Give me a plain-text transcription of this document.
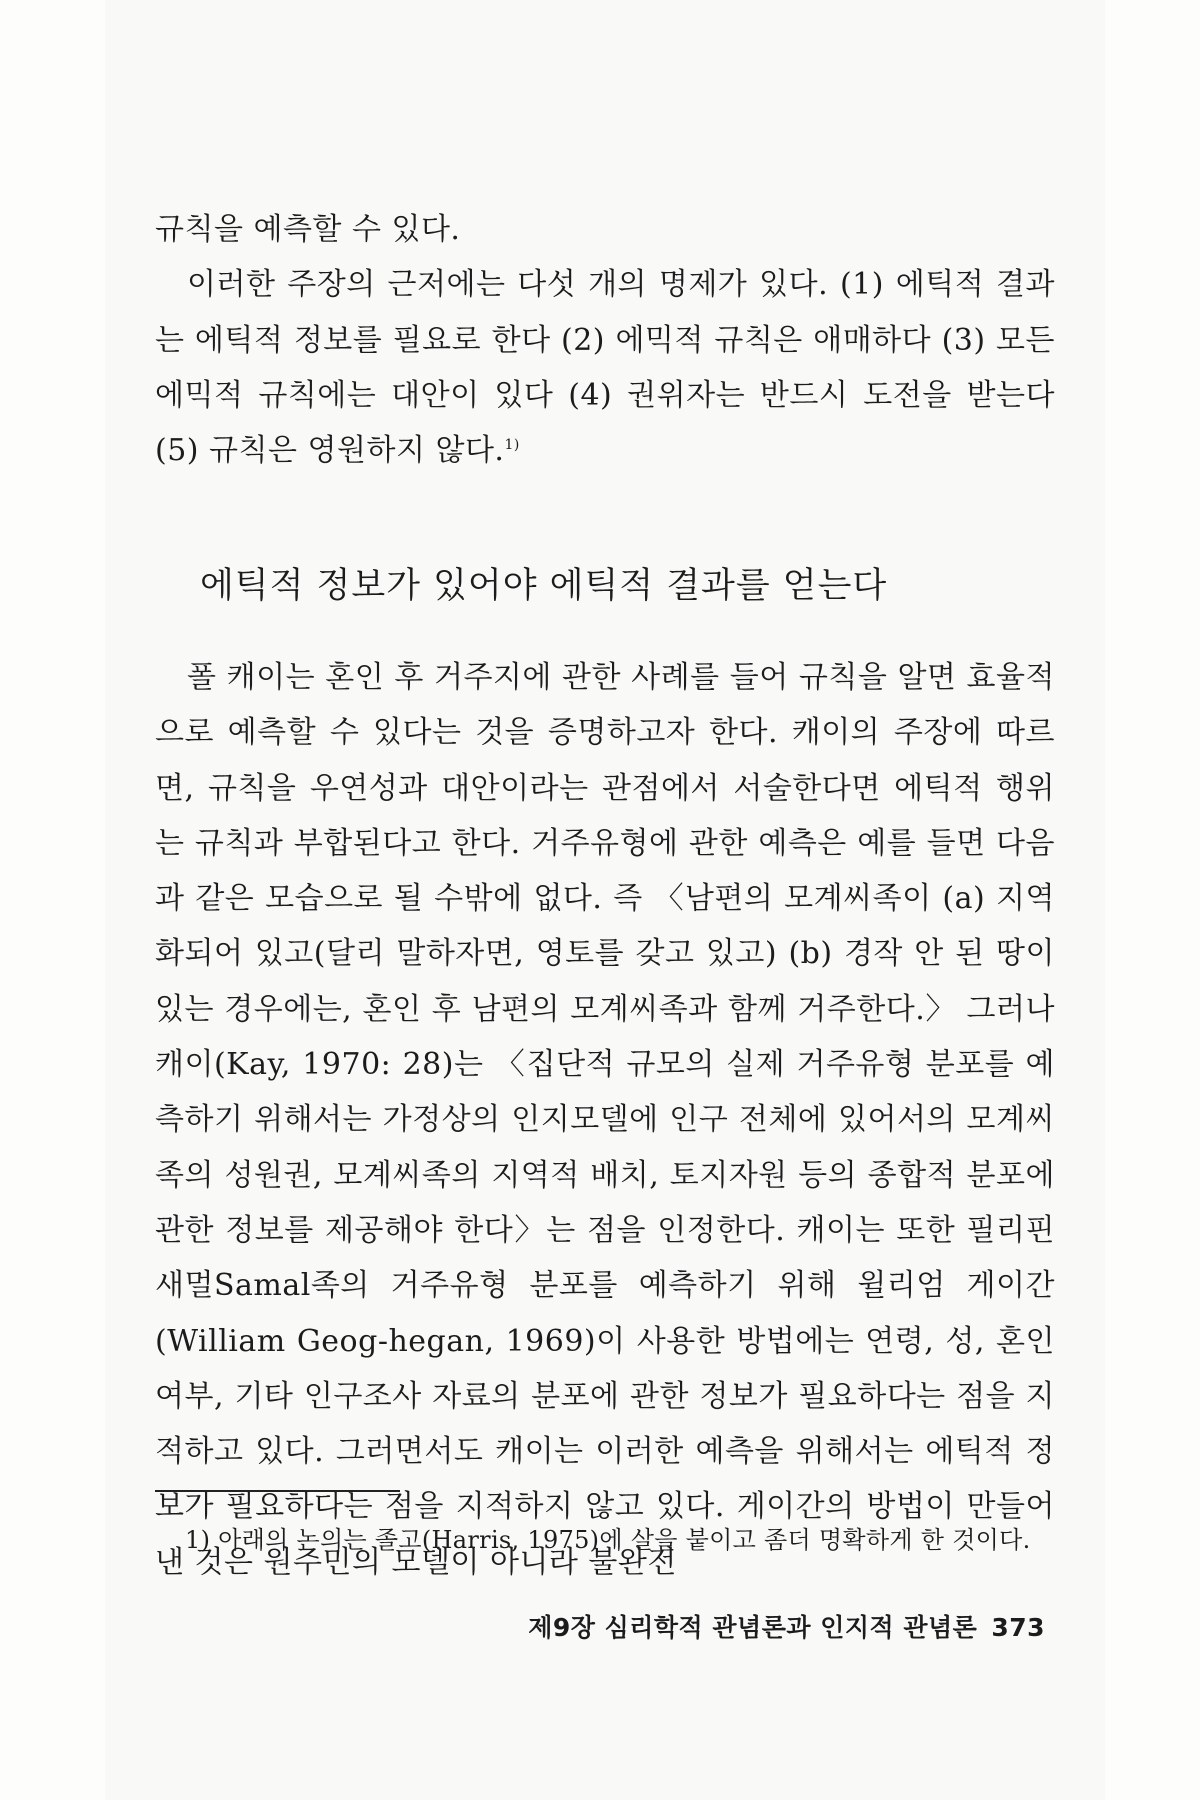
규칙을 예측할 수 있다.

이러한 주장의 근저에는 다섯 개의 명제가 있다. (1) 에틱적 결과는 에틱적 정보를 필요로 한다 (2) 에믹적 규칙은 애매하다 (3) 모든 에믹적 규칙에는 대안이 있다 (4) 권위자는 반드시 도전을 받는다 (5) 규칙은 영원하지 않다.$^{1)}$

에틱적 정보가 있어야 에틱적 결과를 얻는다

폴 캐이는 혼인 후 거주지에 관한 사례를 들어 규칙을 알면 효율적으로 예측할 수 있다는 것을 증명하고자 한다. 캐이의 주장에 따르면, 규칙을 우연성과 대안이라는 관점에서 서술한다면 에틱적 행위는 규칙과 부합된다고 한다. 거주유형에 관한 예측은 예를 들면 다음과 같은 모습으로 될 수밖에 없다. 즉 〈남편의 모계씨족이 (a) 지역화되어 있고(달리 말하자면, 영토를 갖고 있고) (b) 경작 안 된 땅이 있는 경우에는, 혼인 후 남편의 모계씨족과 함께 거주한다.〉 그러나 캐이(Kay, 1970: 28)는 〈집단적 규모의 실제 거주유형 분포를 예측하기 위해서는 가정상의 인지모델에 인구 전체에 있어서의 모계씨족의 성원권, 모계씨족의 지역적 배치, 토지자원 등의 종합적 분포에 관한 정보를 제공해야 한다〉는 점을 인정한다. 캐이는 또한 필리핀 새멀Samal족의 거주유형 분포를 예측하기 위해 윌리엄 게이간(William Geog-hegan, 1969)이 사용한 방법에는 연령, 성, 혼인여부, 기타 인구조사 자료의 분포에 관한 정보가 필요하다는 점을 지적하고 있다. 그러면서도 캐이는 이러한 예측을 위해서는 에틱적 정보가 필요하다는 점을 지적하지 않고 있다. 게이간의 방법이 만들어 낸 것은 원주민의 모델이 아니라 불완전

1) 아래의 논의는 졸고(Harris, 1975)에 살을 붙이고 좀더 명확하게 한 것이다.

제9장 심리학적 관념론과 인지적 관념론 373
